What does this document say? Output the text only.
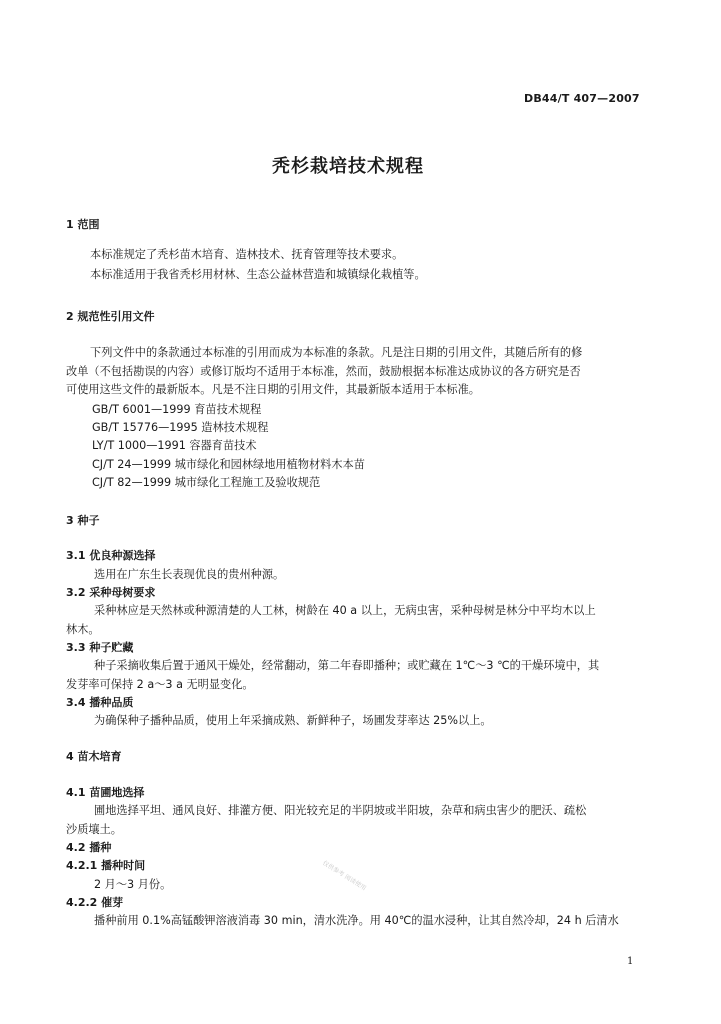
DB44/T 407—2007
秃杉栽培技术规程
1 范围
本标准规定了秃杉苗木培育、造林技术、抚育管理等技术要求。
本标准适用于我省秃杉用材林、生态公益林营造和城镇绿化栽植等。
2 规范性引用文件
下列文件中的条款通过本标准的引用而成为本标准的条款。凡是注日期的引用文件，其随后所有的修
改单（不包括勘误的内容）或修订版均不适用于本标准，然而，鼓励根据本标准达成协议的各方研究是否
可使用这些文件的最新版本。凡是不注日期的引用文件，其最新版本适用于本标准。
GB/T 6001—1999 育苗技术规程
GB/T 15776—1995 造林技术规程
LY/T 1000—1991 容器育苗技术
CJ/T 24—1999 城市绿化和园林绿地用植物材料木本苗
CJ/T 82—1999 城市绿化工程施工及验收规范
3 种子
3.1 优良种源选择
选用在广东生长表现优良的贵州种源。
3.2 采种母树要求
采种林应是天然林或种源清楚的人工林，树龄在 40 a 以上，无病虫害，采种母树是林分中平均木以上
林木。
3.3 种子贮藏
种子采摘收集后置于通风干燥处，经常翻动，第二年春即播种；或贮藏在 1℃～3 ℃的干燥环境中，其
发芽率可保持 2 a～3 a 无明显变化。
3.4 播种品质
为确保种子播种品质，使用上年采摘成熟、新鲜种子，场圃发芽率达 25%以上。
4 苗木培育
4.1 苗圃地选择
圃地选择平坦、通风良好、排灌方便、阳光较充足的半阴坡或半阳坡，杂草和病虫害少的肥沃、疏松
沙质壤土。
4.2 播种
4.2.1 播种时间
2 月～3 月份。
4.2.2 催芽
播种前用 0.1%高锰酸钾溶液消毒 30 min，清水洗净。用 40℃的温水浸种，让其自然冷却，24 h 后清水
仅供参考 阅读使用
1
